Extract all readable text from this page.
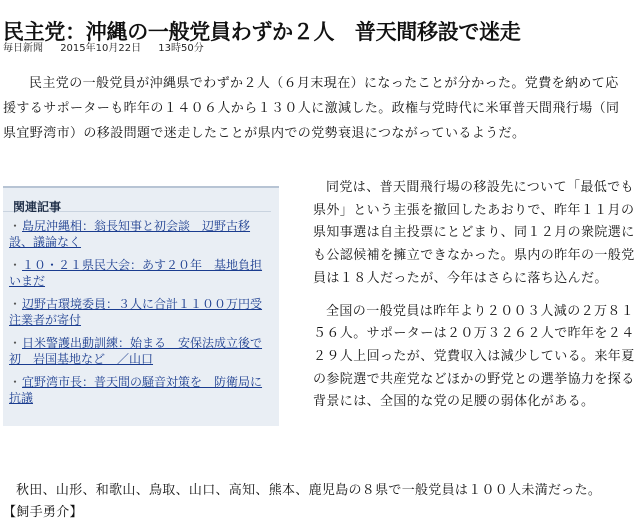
民主党：沖縄の一般党員わずか２人　普天間移設で迷走
毎日新聞 2015年10月22日 13時50分

民主党の一般党員が沖縄県でわずか２人（６月末現在）になったことが分かった。党費を納めて応援するサポーターも昨年の１４０６人から１３０人に激減した。政権与党時代に米軍普天間飛行場（同県宜野湾市）の移設問題で迷走したことが県内での党勢衰退につながっているようだ。

関連記事
・島尻沖縄相：翁長知事と初会談　辺野古移設、議論なく
・１０・２１県民大会：あす２０年　基地負担いまだ
・辺野古環境委員：３人に合計１１００万円受注業者が寄付
・日米警護出動訓練：始まる　安保法成立後で初　岩国基地など　／山口
・宜野湾市長：普天間の騒音対策を　防衛局に抗議

同党は、普天間飛行場の移設先について「最低でも県外」という主張を撤回したあおりで、昨年１１月の県知事選は自主投票にとどまり、同１２月の衆院選にも公認候補を擁立できなかった。県内の昨年の一般党員は１８人だったが、今年はさらに落ち込んだ。

全国の一般党員は昨年より２００３人減の２万８１５６人。サポーターは２０万３２６２人で昨年を２４２９人上回ったが、党費収入は減少している。来年夏の参院選で共産党などほかの野党との選挙協力を探る背景には、全国的な党の足腰の弱体化がある。

秋田、山形、和歌山、鳥取、山口、高知、熊本、鹿児島の８県で一般党員は１００人未満だった。

【飼手勇介】
